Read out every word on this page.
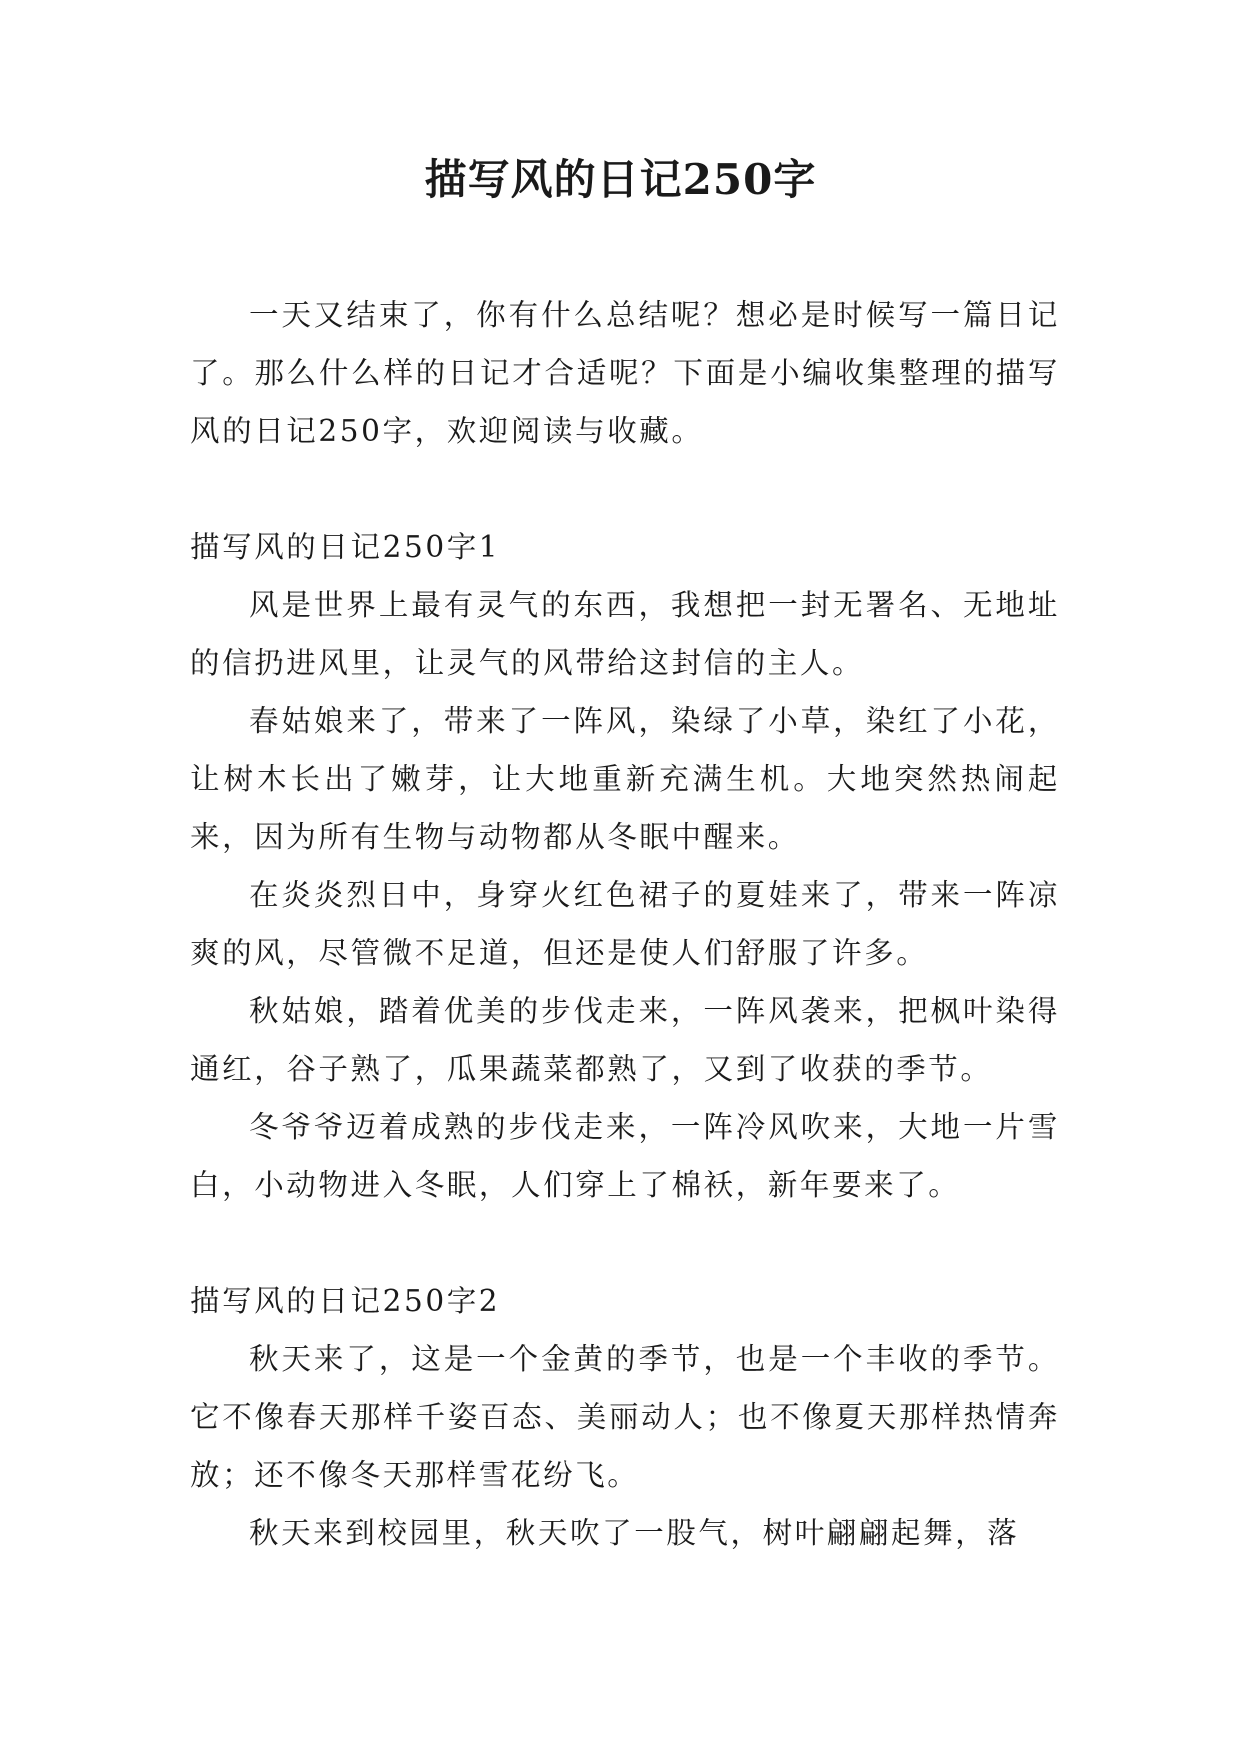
描写风的日记250字

一天又结束了，你有什么总结呢？想必是时候写一篇日记了。那么什么样的日记才合适呢？下面是小编收集整理的描写风的日记250字，欢迎阅读与收藏。

描写风的日记250字1

风是世界上最有灵气的东西，我想把一封无署名、无地址的信扔进风里，让灵气的风带给这封信的主人。

春姑娘来了，带来了一阵风，染绿了小草，染红了小花，让树木长出了嫩芽，让大地重新充满生机。大地突然热闹起来，因为所有生物与动物都从冬眠中醒来。

在炎炎烈日中，身穿火红色裙子的夏娃来了，带来一阵凉爽的风，尽管微不足道，但还是使人们舒服了许多。

秋姑娘，踏着优美的步伐走来，一阵风袭来，把枫叶染得通红，谷子熟了，瓜果蔬菜都熟了，又到了收获的季节。

冬爷爷迈着成熟的步伐走来，一阵冷风吹来，大地一片雪白，小动物进入冬眠，人们穿上了棉袄，新年要来了。

描写风的日记250字2

秋天来了，这是一个金黄的季节，也是一个丰收的季节。它不像春天那样千姿百态、美丽动人；也不像夏天那样热情奔放；还不像冬天那样雪花纷飞。

秋天来到校园里，秋天吹了一股气，树叶翩翩起舞，落
